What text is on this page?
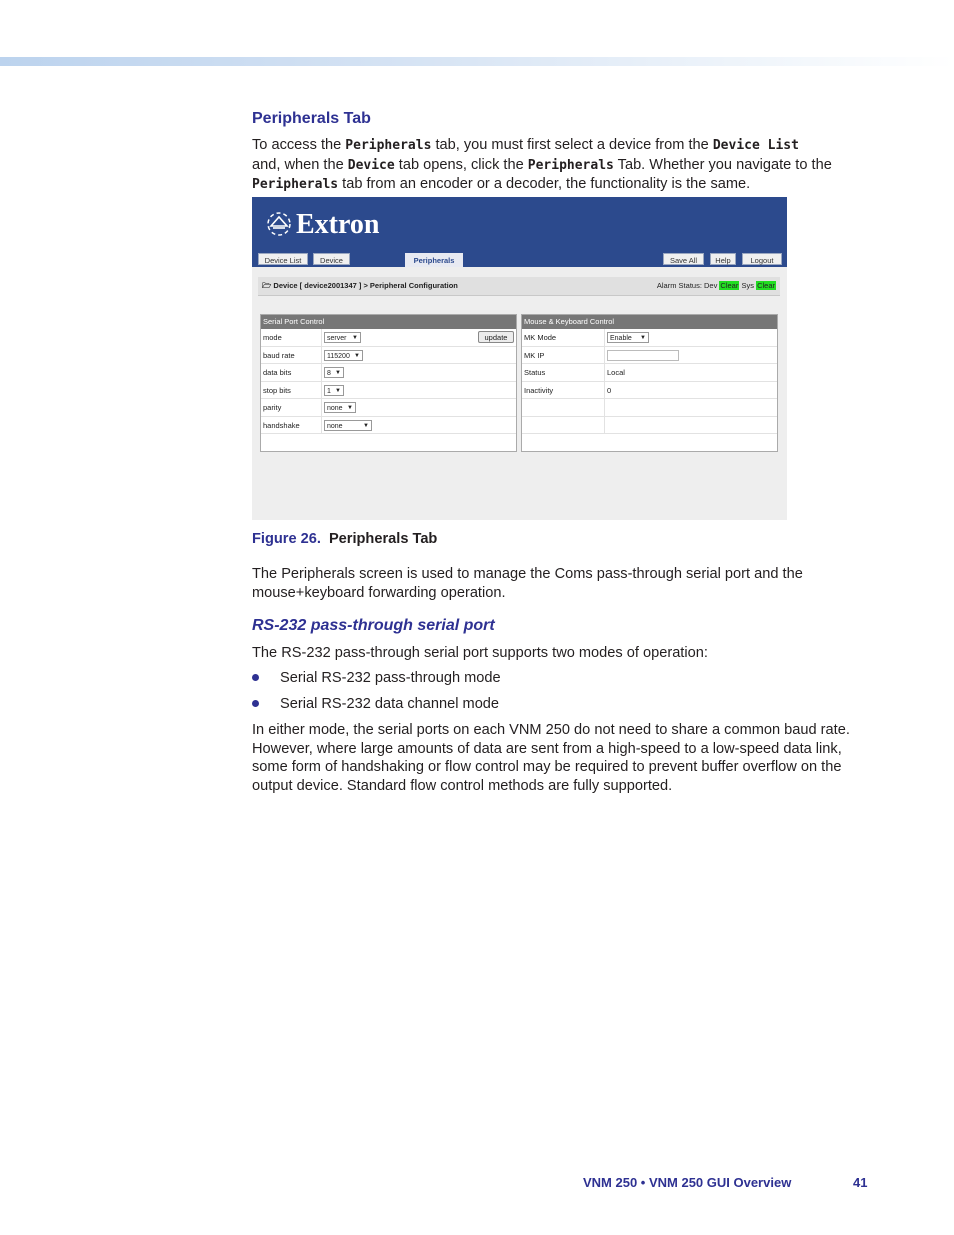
Peripherals Tab

To access the Peripherals tab, you must first select a device from the Device List
and, when the Device tab opens, click the Peripherals Tab. Whether you navigate to the
Peripherals tab from an encoder or a decoder, the functionality is the same.

Extron
Device List	Device	Peripherals	Save All	Help	Logout
🗁 Device [ device2001347 ] > Peripheral Configuration	Alarm Status: Dev Clear Sys Clear
Serial Port Control
mode	server ▼	update
baud rate	115200 ▼
data bits	8 ▼
stop bits	1 ▼
parity	none ▼
handshake	none	▼
Mouse & Keyboard Control
MK Mode	Enable ▼
MK IP
Status	Local
Inactivity	0
Figure 26. Peripherals Tab

The Peripherals screen is used to manage the Coms pass-through serial port and the mouse+keyboard forwarding operation.

RS-232 pass-through serial port

The RS-232 pass-through serial port supports two modes of operation:

Serial RS-232 pass-through mode
Serial RS-232 data channel mode

In either mode, the serial ports on each VNM 250 do not need to share a common baud rate. However, where large amounts of data are sent from a high-speed to a low-speed data link, some form of handshaking or flow control may be required to prevent buffer overflow on the output device. Standard flow control methods are fully supported.

VNM 250 • VNM 250 GUI Overview	41
